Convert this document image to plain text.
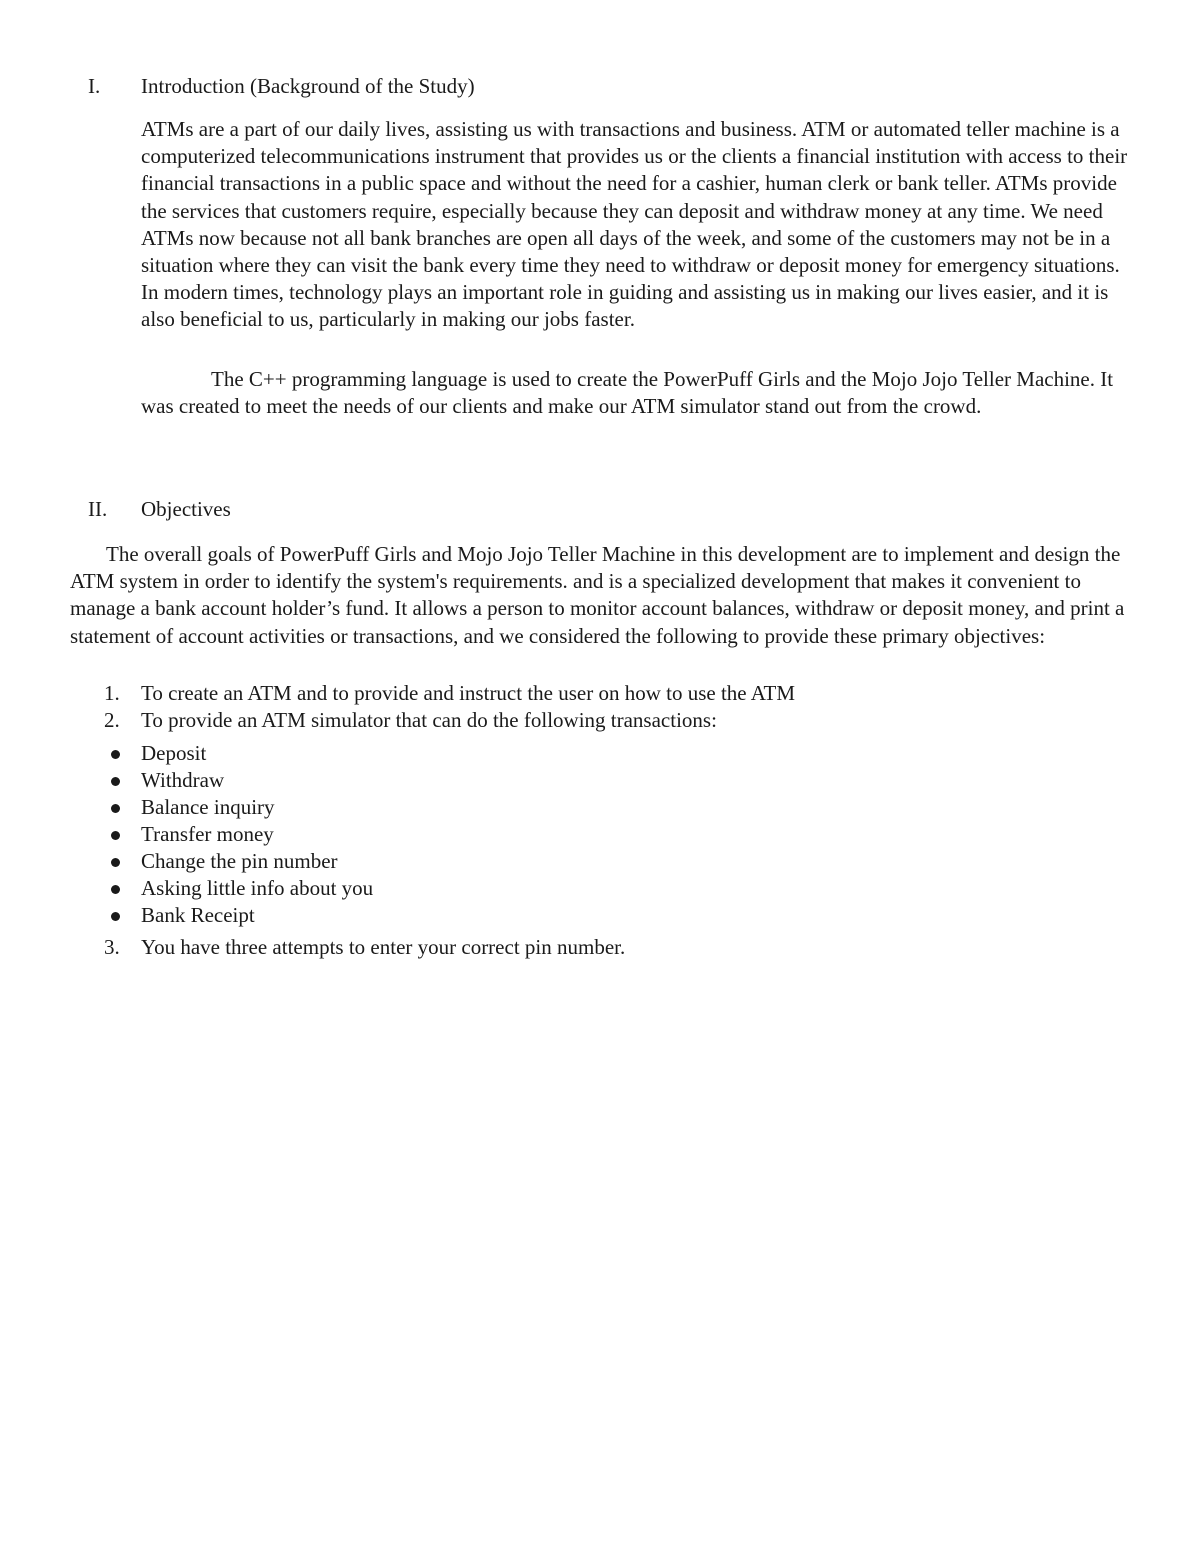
I. Introduction (Background of the Study)

ATMs are a part of our daily lives, assisting us with transactions and business. ATM or automated teller machine is a computerized telecommunications instrument that provides us or the clients a financial institution with access to their financial transactions in a public space and without the need for a cashier, human clerk or bank teller. ATMs provide the services that customers require, especially because they can deposit and withdraw money at any time. We need ATMs now because not all bank branches are open all days of the week, and some of the customers may not be in a situation where they can visit the bank every time they need to withdraw or deposit money for emergency situations. In modern times, technology plays an important role in guiding and assisting us in making our lives easier, and it is also beneficial to us, particularly in making our jobs faster.

The C++ programming language is used to create the PowerPuff Girls and the Mojo Jojo Teller Machine. It was created to meet the needs of our clients and make our ATM simulator stand out from the crowd.

II. Objectives

The overall goals of PowerPuff Girls and Mojo Jojo Teller Machine in this development are to implement and design the ATM system in order to identify the system's requirements. and is a specialized development that makes it convenient to manage a bank account holder’s fund. It allows a person to monitor account balances, withdraw or deposit money, and print a statement of account activities or transactions, and we considered the following to provide these primary objectives:

1. To create an ATM and to provide and instruct the user on how to use the ATM
2. To provide an ATM simulator that can do the following transactions:
Deposit
Withdraw
Balance inquiry
Transfer money
Change the pin number
Asking little info about you
Bank Receipt
3. You have three attempts to enter your correct pin number.
